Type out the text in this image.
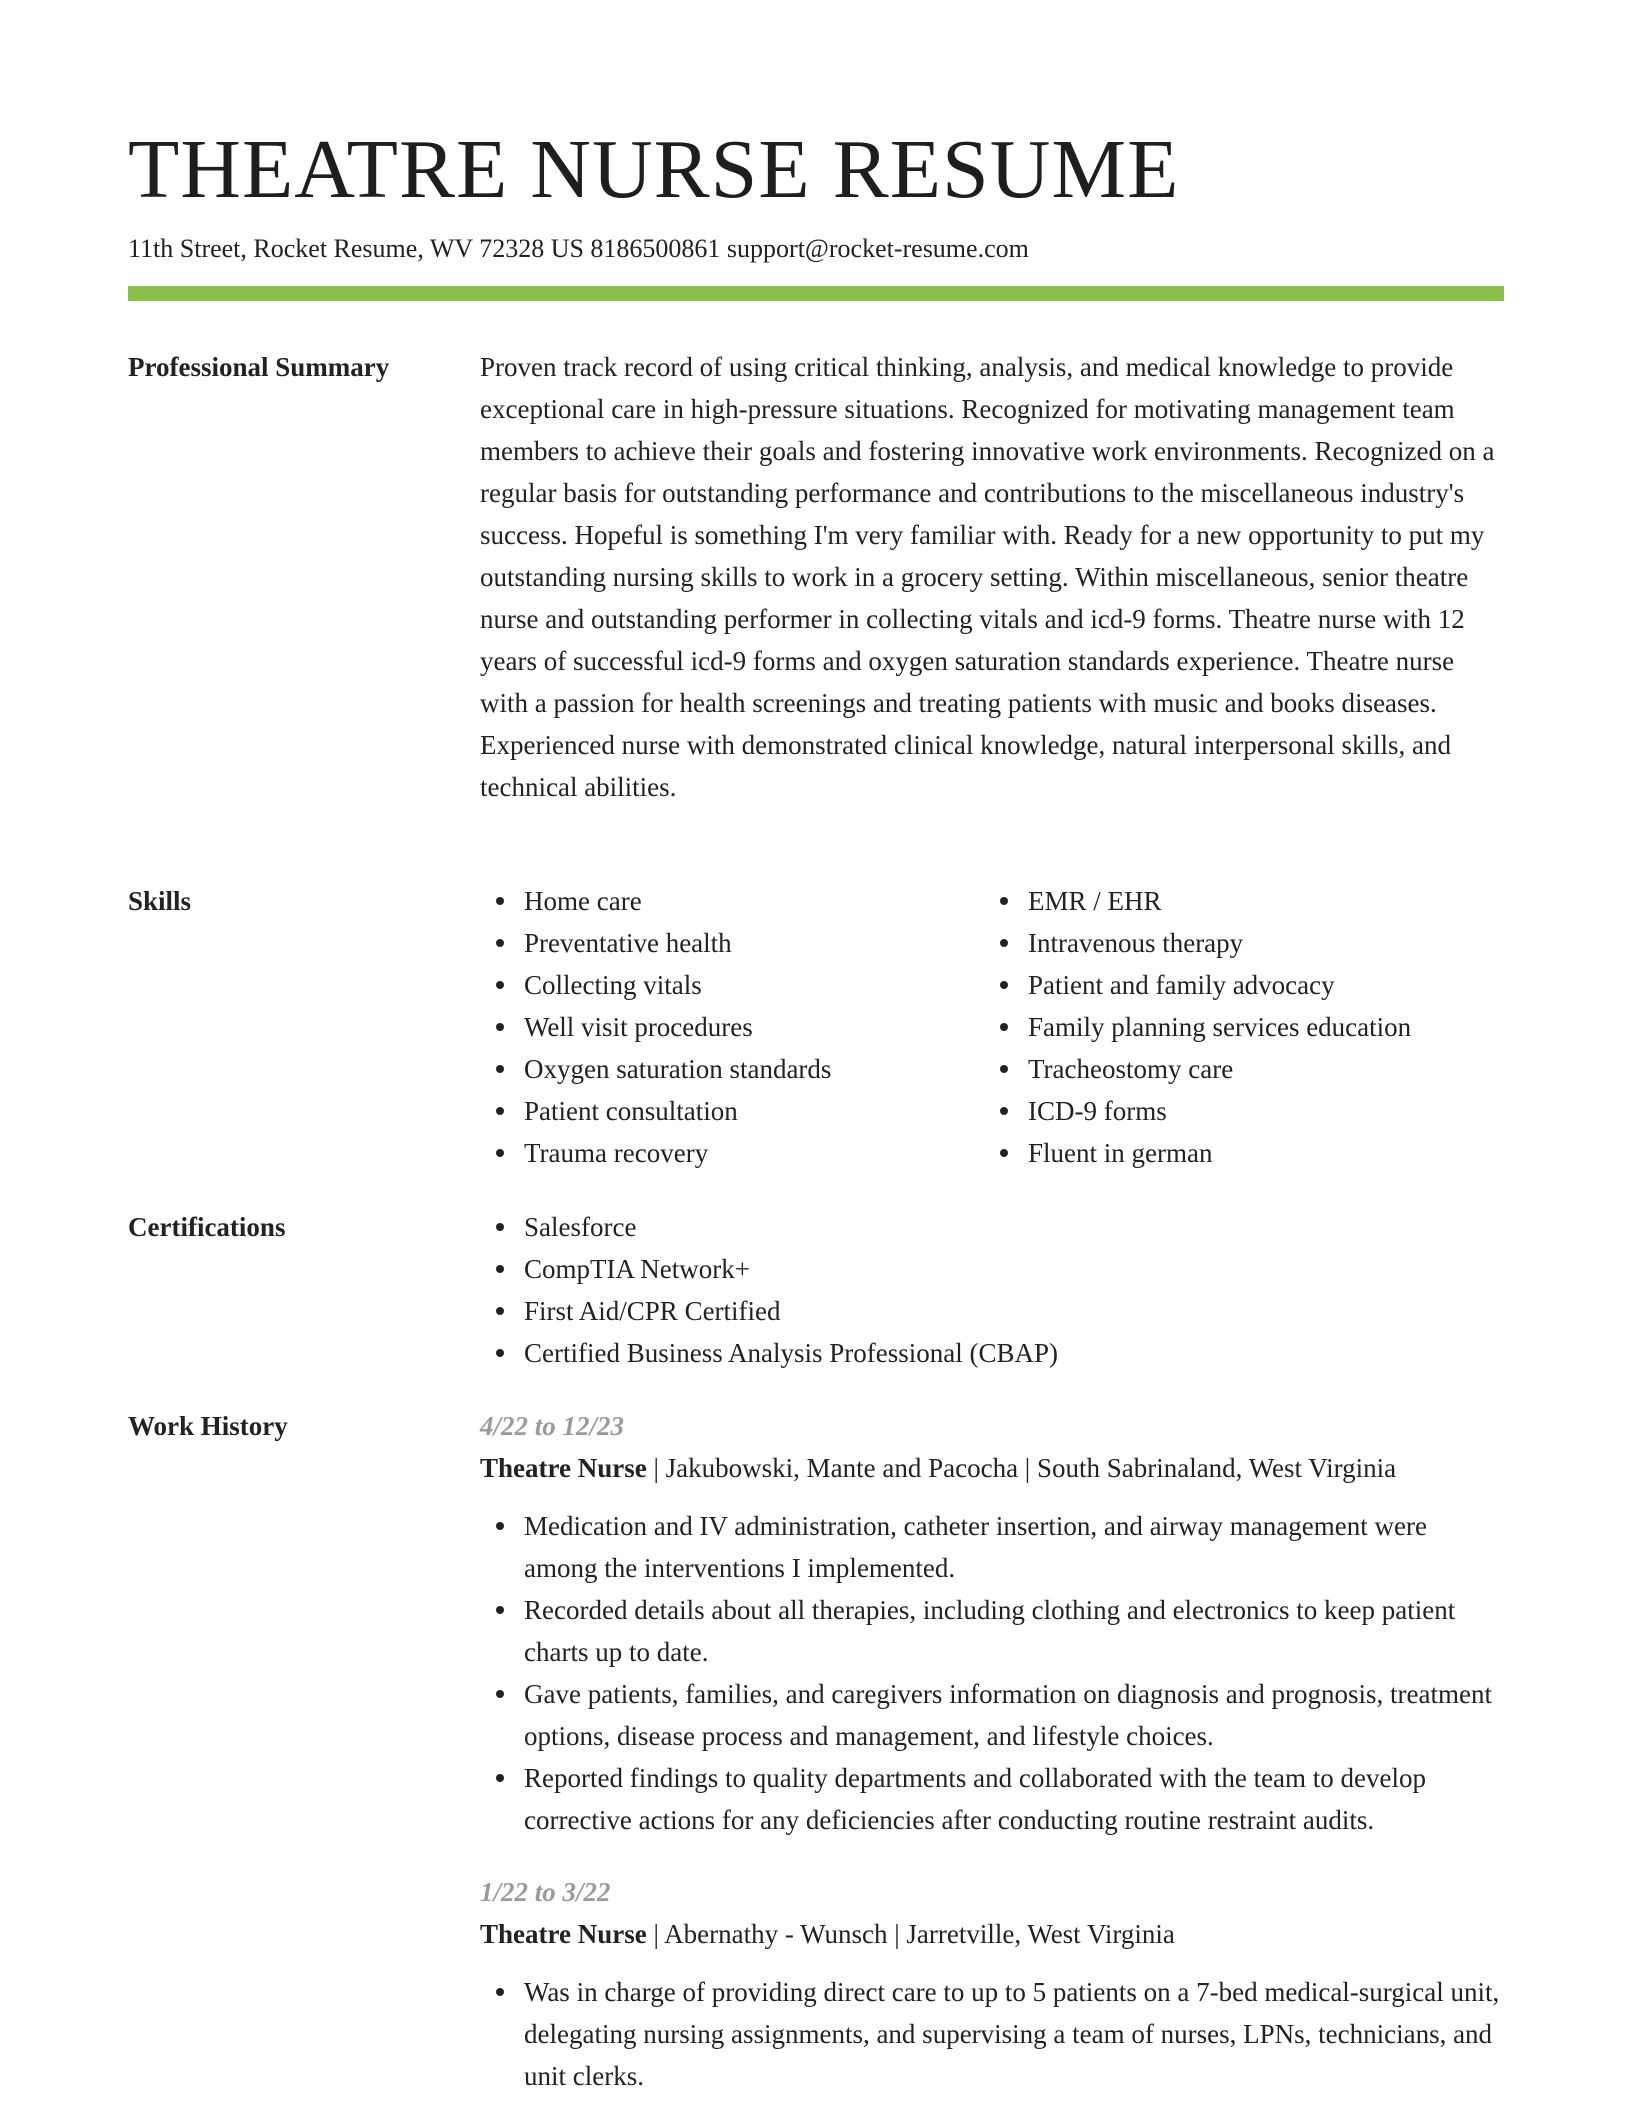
THEATRE NURSE RESUME
11th Street, Rocket Resume, WV 72328 US 8186500861 support@rocket-resume.com
Professional Summary	Proven track record of using critical thinking, analysis, and medical knowledge to provide exceptional care in high-pressure situations. Recognized for motivating management team members to achieve their goals and fostering innovative work environments. Recognized on a regular basis for outstanding performance and contributions to the miscellaneous industry's success. Hopeful is something I'm very familiar with. Ready for a new opportunity to put my outstanding nursing skills to work in a grocery setting. Within miscellaneous, senior theatre nurse and outstanding performer in collecting vitals and icd-9 forms. Theatre nurse with 12 years of successful icd-9 forms and oxygen saturation standards experience. Theatre nurse with a passion for health screenings and treating patients with music and books diseases. Experienced nurse with demonstrated clinical knowledge, natural interpersonal skills, and technical abilities.
Skills	Home care
Preventative health
Collecting vitals
Well visit procedures
Oxygen saturation standards
Patient consultation
Trauma recovery
EMR / EHR
Intravenous therapy
Patient and family advocacy
Family planning services education
Tracheostomy care
ICD-9 forms
Fluent in german
Certifications	Salesforce
CompTIA Network+
First Aid/CPR Certified
Certified Business Analysis Professional (CBAP)
Work History	4/22 to 12/23
Theatre Nurse | Jakubowski, Mante and Pacocha | South Sabrinaland, West Virginia
Medication and IV administration, catheter insertion, and airway management were among the interventions I implemented.
Recorded details about all therapies, including clothing and electronics to keep patient charts up to date.
Gave patients, families, and caregivers information on diagnosis and prognosis, treatment options, disease process and management, and lifestyle choices.
Reported findings to quality departments and collaborated with the team to develop corrective actions for any deficiencies after conducting routine restraint audits.
1/22 to 3/22
Theatre Nurse | Abernathy - Wunsch | Jarretville, West Virginia
Was in charge of providing direct care to up to 5 patients on a 7-bed medical-surgical unit, delegating nursing assignments, and supervising a team of nurses, LPNs, technicians, and unit clerks.
